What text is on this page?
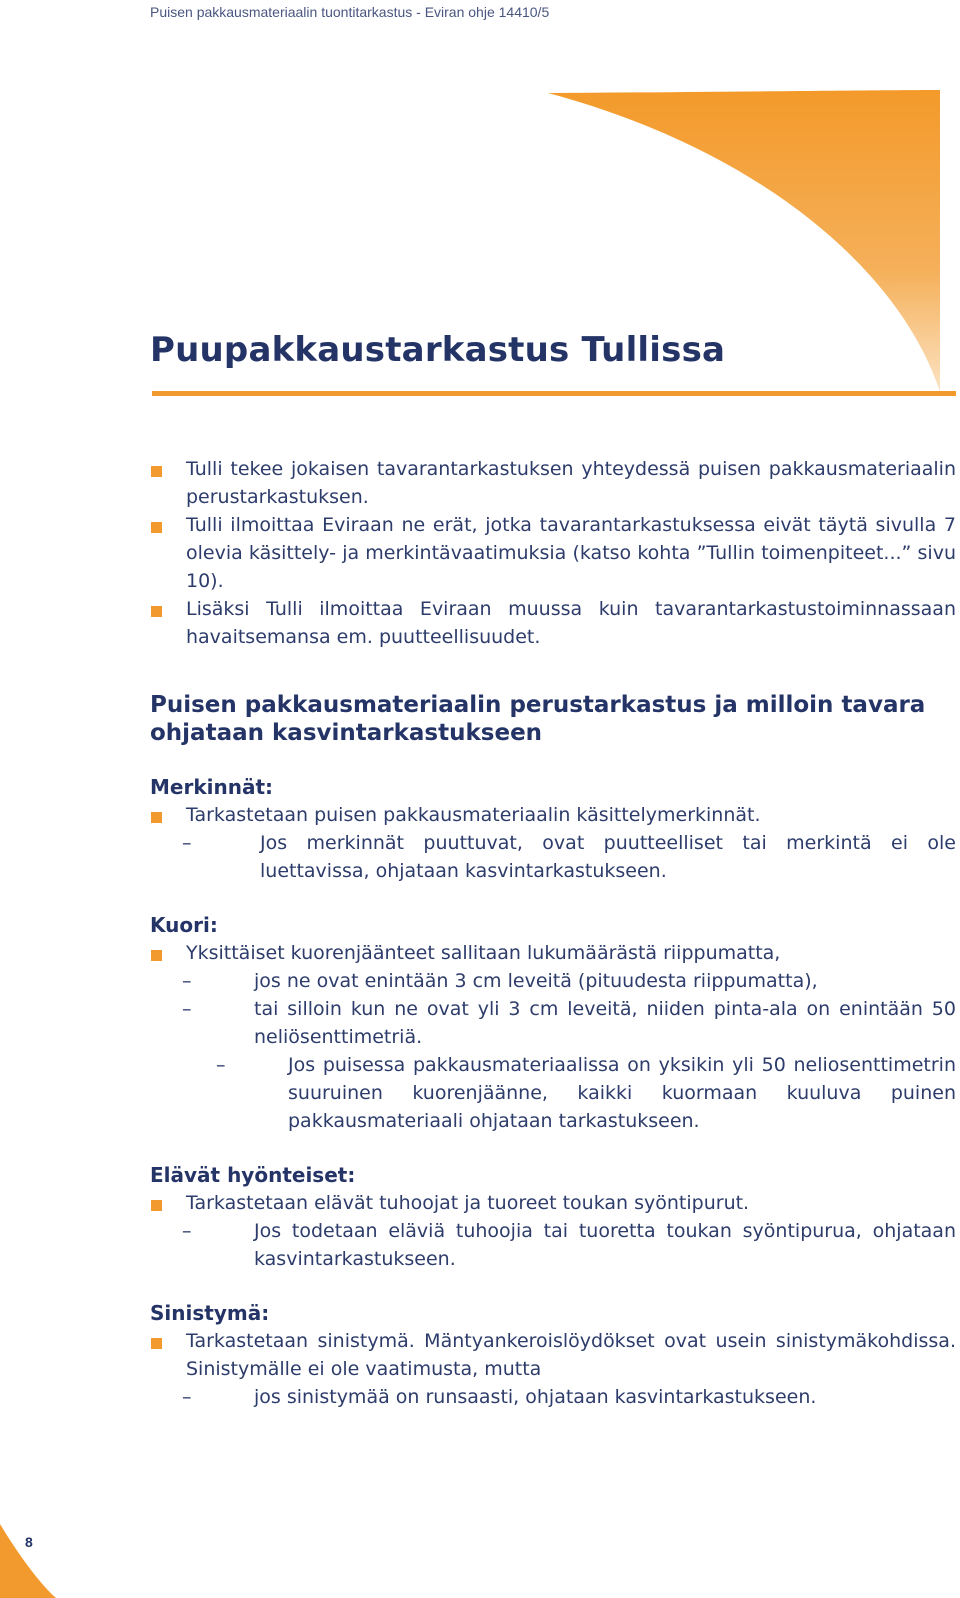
Puisen pakkausmateriaalin tuontitarkastus - Eviran ohje 14410/5
Puupakkaustarkastus Tullissa
Tulli tekee jokaisen tavarantarkastuksen yhteydessä puisen pakkausmateriaalin perustarkastuksen.
Tulli ilmoittaa Eviraan ne erät, jotka tavarantarkastuksessa eivät täytä sivulla 7 olevia käsittely- ja merkintävaatimuksia (katso kohta ”Tullin toimenpiteet...” sivu 10).
Lisäksi Tulli ilmoittaa Eviraan muussa kuin tavarantarkastustoiminnassaan havaitsemansa em. puutteellisuudet.
Puisen pakkausmateriaalin perustarkastus ja milloin tavara ohjataan kasvintarkastukseen

Merkinnät:

Tarkastetaan puisen pakkausmateriaalin käsittelymerkinnät.
– Jos merkinnät puuttuvat, ovat puutteelliset tai merkintä ei ole luettavissa, ohjataan kasvintarkastukseen.

Kuori:

Yksittäiset kuorenjäänteet sallitaan lukumäärästä riippumatta,
– jos ne ovat enintään 3 cm leveitä (pituudesta riippumatta),
– tai silloin kun ne ovat yli 3 cm leveitä, niiden pinta-ala on enintään 50 neliösenttimetriä.
– Jos puisessa pakkausmateriaalissa on yksikin yli 50 neliosenttimetrin suuruinen kuorenjäänne, kaikki kuormaan kuuluva puinen pakkausmateriaali ohjataan tarkastukseen.

Elävät hyönteiset:

Tarkastetaan elävät tuhoojat ja tuoreet toukan syöntipurut.
– Jos todetaan eläviä tuhoojia tai tuoretta toukan syöntipurua, ohjataan kasvintarkastukseen.

Sinistymä:

Tarkastetaan sinistymä. Mäntyankeroislöydökset ovat usein sinistymäkohdissa. Sinistymälle ei ole vaatimusta, mutta
– jos sinistymää on runsaasti, ohjataan kasvintarkastukseen.
8
